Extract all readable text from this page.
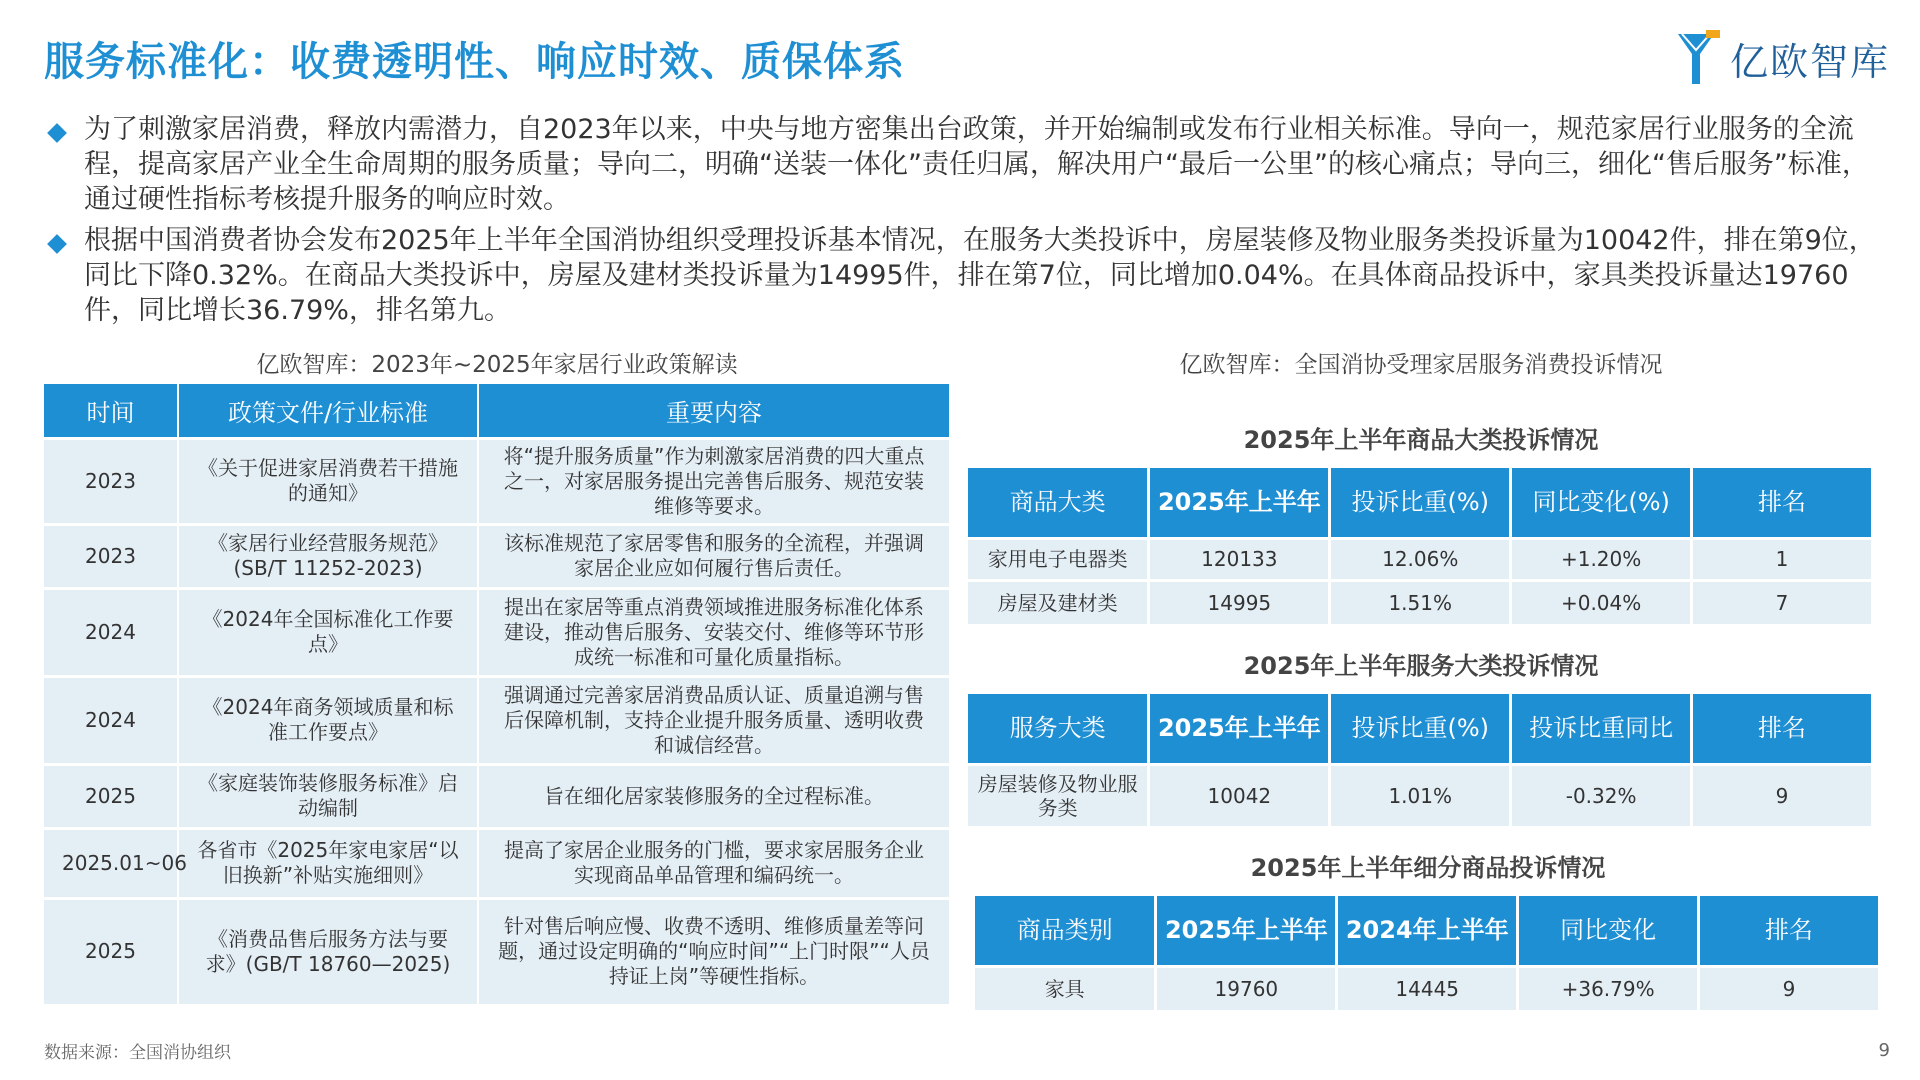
服务标准化：收费透明性、响应时效、质保体系	亿欧智库
为了刺激家居消费，释放内需潜力，自2023年以来，中央与地方密集出台政策，并开始编制或发布行业相关标准。导向一，规范家居行业服务的全流程，提高家居产业全生命周期的服务质量；导向二，明确“送装一体化”责任归属，解决用户“最后一公里”的核心痛点；导向三，细化“售后服务”标准，通过硬性指标考核提升服务的响应时效。
根据中国消费者协会发布2025年上半年全国消协组织受理投诉基本情况，在服务大类投诉中，房屋装修及物业服务类投诉量为10042件，排在第9位，同比下降0.32%。在商品大类投诉中，房屋及建材类投诉量为14995件，排在第7位，同比增加0.04%。在具体商品投诉中，家具类投诉量达19760件，同比增长36.79%，排名第九。
亿欧智库：2023年~2025年家居行业政策解读
时间	政策文件/行业标准	重要内容
2023	《关于促进家居消费若干措施的通知》	将“提升服务质量”作为刺激家居消费的四大重点之一，对家居服务提出完善售后服务、规范安装维修等要求。
2023	《家居行业经营服务规范》(SB/T 11252-2023)	该标准规范了家居零售和服务的全流程，并强调家居企业应如何履行售后责任。
2024	《2024年全国标准化工作要点》	提出在家居等重点消费领域推进服务标准化体系建设，推动售后服务、安装交付、维修等环节形成统一标准和可量化质量指标。
2024	《2024年商务领域质量和标准工作要点》	强调通过完善家居消费品质认证、质量追溯与售后保障机制，支持企业提升服务质量、透明收费和诚信经营。
2025	《家庭装饰装修服务标准》启动编制	旨在细化居家装修服务的全过程标准。
2025.01~06	各省市《2025年家电家居“以旧换新”补贴实施细则》	提高了家居企业服务的门槛，要求家居服务企业实现商品单品管理和编码统一。
2025	《消费品售后服务方法与要求》(GB/T 18760—2025)	针对售后响应慢、收费不透明、维修质量差等问题，通过设定明确的“响应时间”“上门时限”“人员持证上岗”等硬性指标。
亿欧智库：全国消协受理家居服务消费投诉情况
2025年上半年商品大类投诉情况
商品大类	2025年上半年	投诉比重(%)	同比变化(%)	排名
家用电子电器类	120133	12.06%	+1.20%	1
房屋及建材类	14995	1.51%	+0.04%	7
2025年上半年服务大类投诉情况
服务大类	2025年上半年	投诉比重(%)	投诉比重同比	排名
房屋装修及物业服务类	10042	1.01%	-0.32%	9
2025年上半年细分商品投诉情况
商品类别	2025年上半年	2024年上半年	同比变化	排名
家具	19760	14445	+36.79%	9
数据来源：全国消协组织	9
